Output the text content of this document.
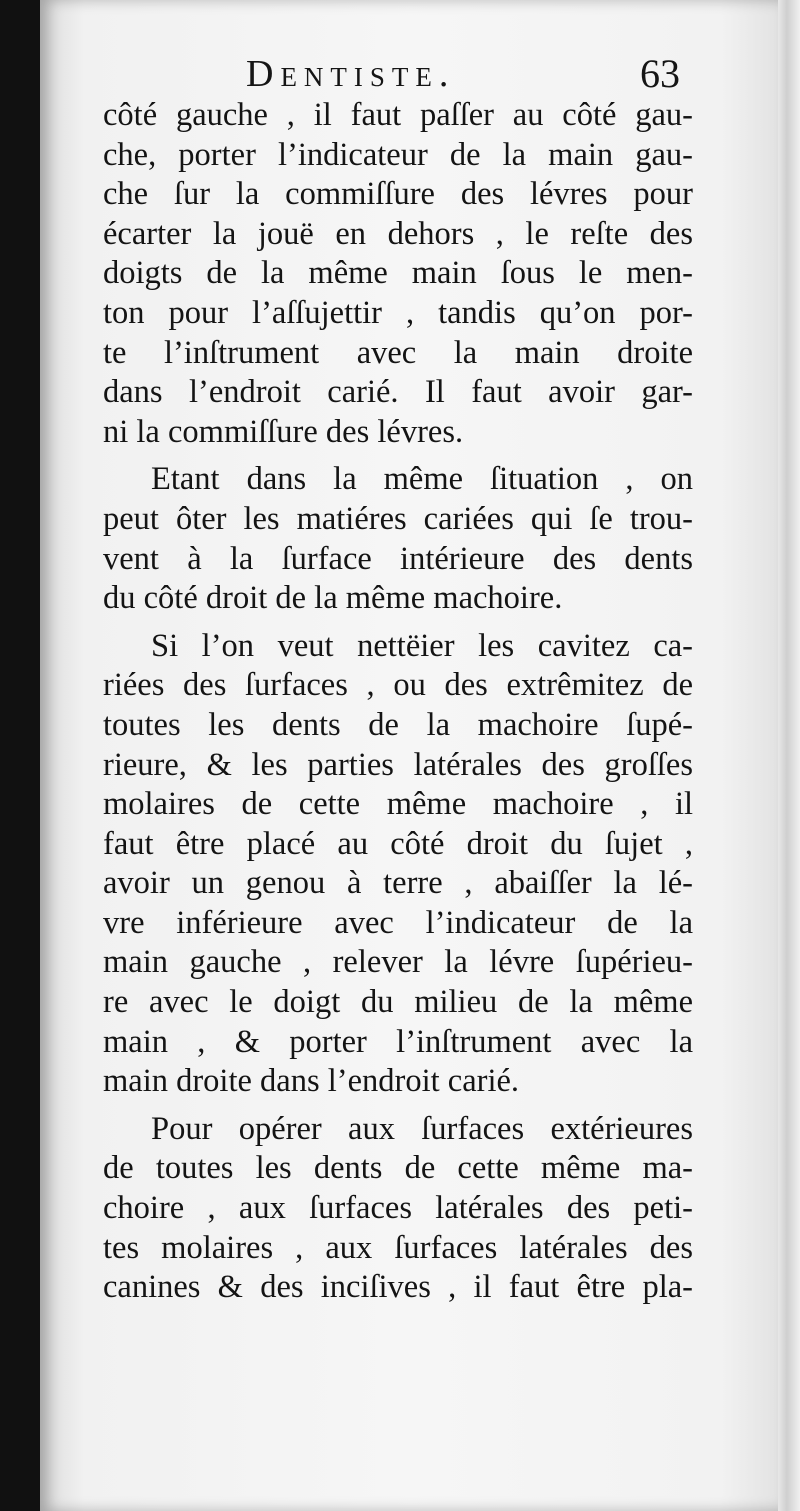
Dentiste.	63
côté gauche , il faut paſſer au côté gau-
che, porter l’indicateur de la main gau-
che ſur la commiſſure des lévres pour
écarter la jouë en dehors , le reſte des
doigts de la même main ſous le men-
ton pour l’aſſujettir , tandis qu’on por-
te l’inſtrument avec la main droite
dans l’endroit carié. Il faut avoir gar-
ni la commiſſure des lévres.
Etant dans la même ſituation , on
peut ôter les matiéres cariées qui ſe trou-
vent à la ſurface intérieure des dents
du côté droit de la même machoire.
Si l’on veut nettëier les cavitez ca-
riées des ſurfaces , ou des extrêmitez de
toutes les dents de la machoire ſupé-
rieure, & les parties latérales des groſſes
molaires de cette même machoire , il
faut être placé au côté droit du ſujet ,
avoir un genou à terre , abaiſſer la lé-
vre inférieure avec l’indicateur de la
main gauche , relever la lévre ſupérieu-
re avec le doigt du milieu de la même
main , & porter l’inſtrument avec la
main droite dans l’endroit carié.
Pour opérer aux ſurfaces extérieures
de toutes les dents de cette même ma-
choire , aux ſurfaces latérales des peti-
tes molaires , aux ſurfaces latérales des
canines & des inciſives , il faut être pla-
